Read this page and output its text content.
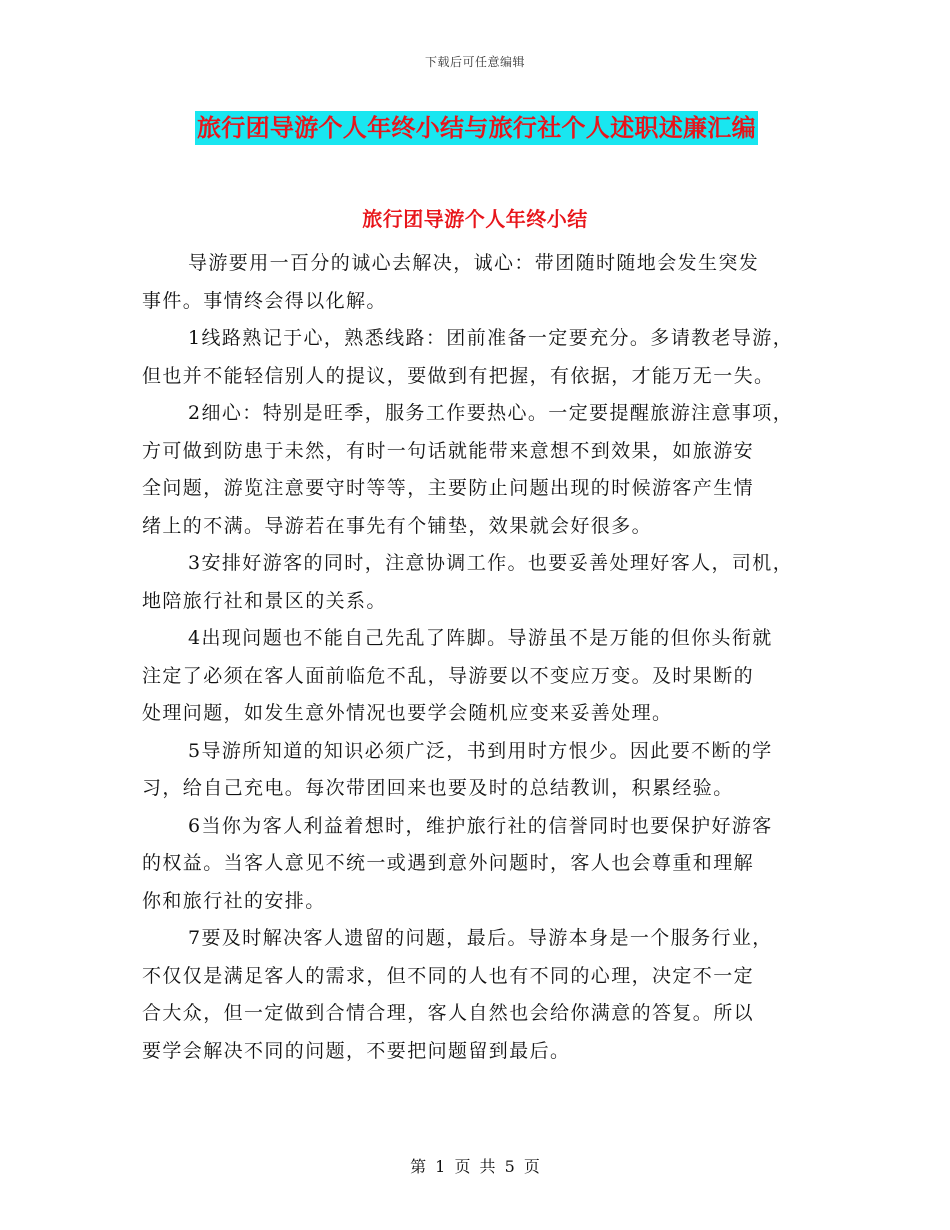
下载后可任意编辑
旅行团导游个人年终小结与旅行社个人述职述廉汇编
旅行团导游个人年终小结
导游要用一百分的诚心去解决，诚心：带团随时随地会发生突发
事件。事情终会得以化解。
1线路熟记于心，熟悉线路：团前准备一定要充分。多请教老导游，
但也并不能轻信别人的提议，要做到有把握，有依据，才能万无一失。
2细心：特别是旺季，服务工作要热心。一定要提醒旅游注意事项，
方可做到防患于未然，有时一句话就能带来意想不到效果，如旅游安
全问题，游览注意要守时等等，主要防止问题出现的时候游客产生情
绪上的不满。导游若在事先有个铺垫，效果就会好很多。
3安排好游客的同时，注意协调工作。也要妥善处理好客人，司机，
地陪旅行社和景区的关系。
4出现问题也不能自己先乱了阵脚。导游虽不是万能的但你头衔就
注定了必须在客人面前临危不乱，导游要以不变应万变。及时果断的
处理问题，如发生意外情况也要学会随机应变来妥善处理。
5导游所知道的知识必须广泛，书到用时方恨少。因此要不断的学
习，给自己充电。每次带团回来也要及时的总结教训，积累经验。
6当你为客人利益着想时，维护旅行社的信誉同时也要保护好游客
的权益。当客人意见不统一或遇到意外问题时，客人也会尊重和理解
你和旅行社的安排。
7要及时解决客人遗留的问题，最后。导游本身是一个服务行业，
不仅仅是满足客人的需求，但不同的人也有不同的心理，决定不一定
合大众，但一定做到合情合理，客人自然也会给你满意的答复。所以
要学会解决不同的问题，不要把问题留到最后。
第 1 页 共 5 页
